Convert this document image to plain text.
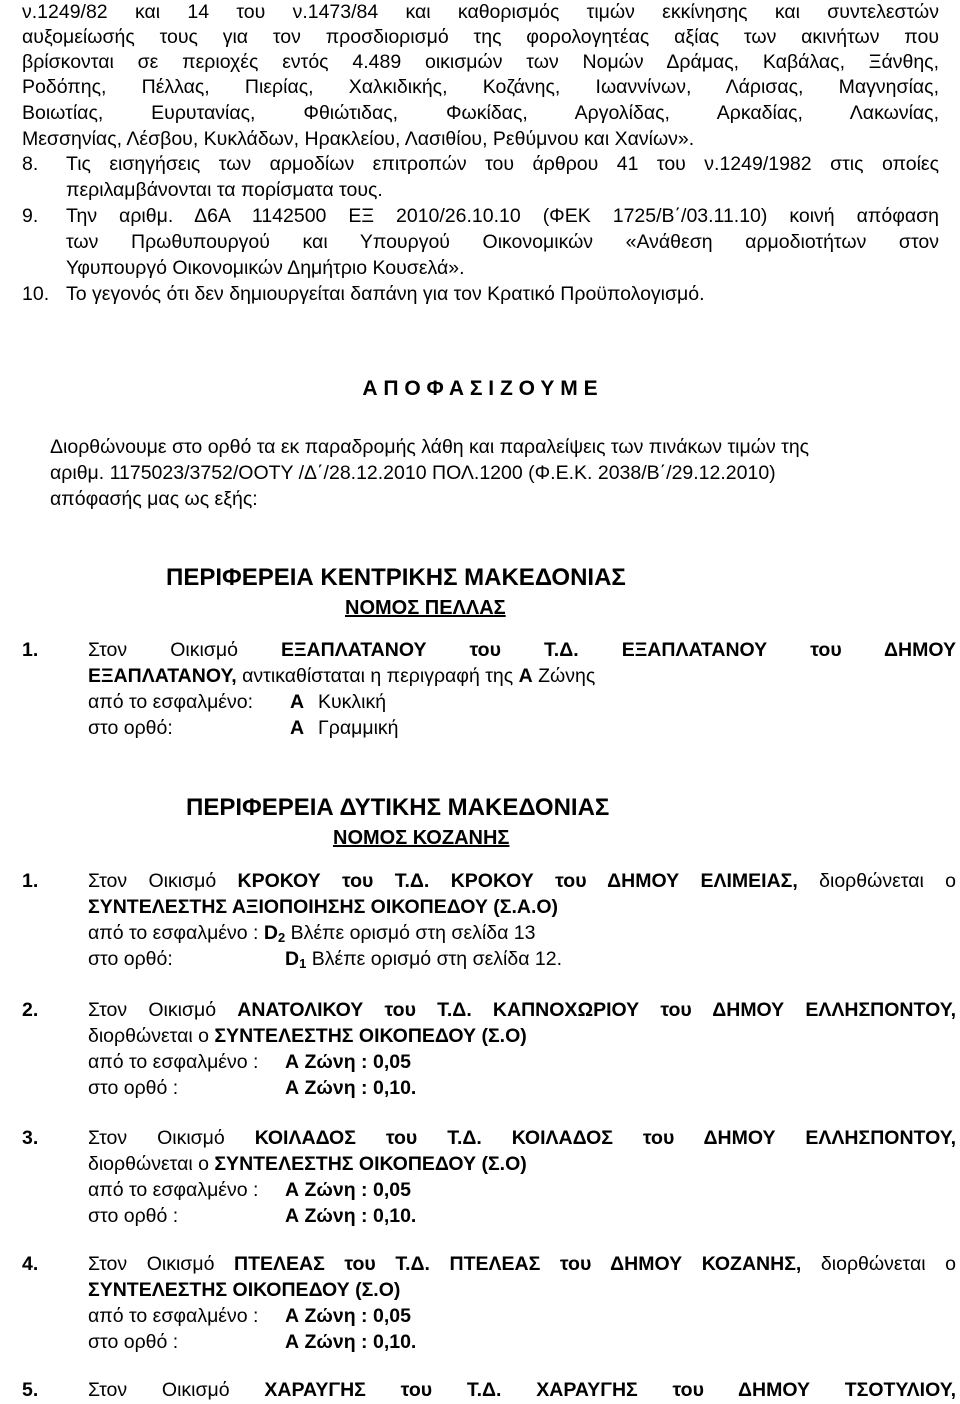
ν.1249/82 και 14 του ν.1473/84 και καθορισμός τιμών εκκίνησης και συντελεστών
αυξομείωσής τους για τον προσδιορισμό της φορολογητέας αξίας των ακινήτων που
βρίσκονται σε περιοχές εντός 4.489 οικισμών των Νομών Δράμας, Καβάλας, Ξάνθης,
Ροδόπης, Πέλλας, Πιερίας, Χαλκιδικής, Κοζάνης, Ιωαννίνων, Λάρισας, Μαγνησίας,
Βοιωτίας, Ευρυτανίας, Φθιώτιδας, Φωκίδας, Αργολίδας, Αρκαδίας, Λακωνίας,
Μεσσηνίας, Λέσβου, Κυκλάδων, Ηρακλείου, Λασιθίου, Ρεθύμνου και Χανίων».
8. Τις εισηγήσεις των αρμοδίων επιτροπών του άρθρου 41 του ν.1249/1982 στις οποίες
περιλαμβάνονται τα πορίσματα τους.
9. Την αριθμ. Δ6Α 1142500 ΕΞ 2010/26.10.10 (ΦΕΚ 1725/Β΄/03.11.10) κοινή απόφαση
των Πρωθυπουργού και Υπουργού Οικονομικών «Ανάθεση αρμοδιοτήτων στον
Υφυπουργό Οικονομικών Δημήτριο Κουσελά».
10. Το γεγονός ότι δεν δημιουργείται δαπάνη για τον Κρατικό Προϋπολογισμό.
Α Π Ο Φ Α Σ Ι Ζ Ο Υ Μ Ε
Διορθώνουμε στο ορθό τα εκ παραδρομής λάθη και παραλείψεις των πινάκων τιμών της
αριθμ. 1175023/3752/ΟΟΤΥ /Δ΄/28.12.2010 ΠΟΛ.1200 (Φ.Ε.Κ. 2038/Β΄/29.12.2010)
απόφασής μας ως εξής:
ΠΕΡΙΦΕΡΕΙΑ ΚΕΝΤΡΙΚΗΣ ΜΑΚΕΔΟΝΙΑΣ
ΝΟΜΟΣ ΠΕΛΛΑΣ
1.	Στον Οικισμό ΕΞΑΠΛΑΤΑΝΟΥ του Τ.Δ. ΕΞΑΠΛΑΤΑΝΟΥ του ΔΗΜΟΥ
ΕΞΑΠΛΑΤΑΝΟΥ, αντικαθίσταται η περιγραφή της Α Ζώνης
από το εσφαλμένο: Α Κυκλική
στο ορθό:	Α Γραμμική
ΠΕΡΙΦΕΡΕΙΑ ΔΥΤΙΚΗΣ ΜΑΚΕΔΟΝΙΑΣ
ΝΟΜΟΣ ΚΟΖΑΝΗΣ
1.	Στον Οικισμό ΚΡΟΚΟΥ του Τ.Δ. ΚΡΟΚΟΥ του ΔΗΜΟΥ ΕΛΙΜΕΙΑΣ, διορθώνεται ο
ΣΥΝΤΕΛΕΣΤΗΣ ΑΞΙΟΠΟΙΗΣΗΣ ΟΙΚΟΠΕΔΟΥ (Σ.Α.Ο)
από το εσφαλμένο : $D_2$ Βλέπε ορισμό στη σελίδα 13
στο ορθό:	$D_1$ Βλέπε ορισμό στη σελίδα 12.
2.	Στον Οικισμό ΑΝΑΤΟΛΙΚΟΥ του Τ.Δ. ΚΑΠΝΟΧΩΡΙΟΥ του ΔΗΜΟΥ ΕΛΛΗΣΠΟΝΤΟΥ,
διορθώνεται ο ΣΥΝΤΕΛΕΣΤΗΣ ΟΙΚΟΠΕΔΟΥ (Σ.Ο)
από το εσφαλμένο : Α Ζώνη : 0,05
στο ορθό :	Α Ζώνη : 0,10.
3.	Στον Οικισμό ΚΟΙΛΑΔΟΣ του Τ.Δ. ΚΟΙΛΑΔΟΣ του ΔΗΜΟΥ ΕΛΛΗΣΠΟΝΤΟΥ,
διορθώνεται ο ΣΥΝΤΕΛΕΣΤΗΣ ΟΙΚΟΠΕΔΟΥ (Σ.Ο)
από το εσφαλμένο : Α Ζώνη : 0,05
στο ορθό :	Α Ζώνη : 0,10.
4.	Στον Οικισμό ΠΤΕΛΕΑΣ του Τ.Δ. ΠΤΕΛΕΑΣ του ΔΗΜΟΥ ΚΟΖΑΝΗΣ, διορθώνεται ο
ΣΥΝΤΕΛΕΣΤΗΣ ΟΙΚΟΠΕΔΟΥ (Σ.Ο)
από το εσφαλμένο : Α Ζώνη : 0,05
στο ορθό :	Α Ζώνη : 0,10.
5.	Στον Οικισμό ΧΑΡΑΥΓΗΣ του Τ.Δ. ΧΑΡΑΥΓΗΣ του ΔΗΜΟΥ ΤΣΟΤΥΛΙΟΥ,
